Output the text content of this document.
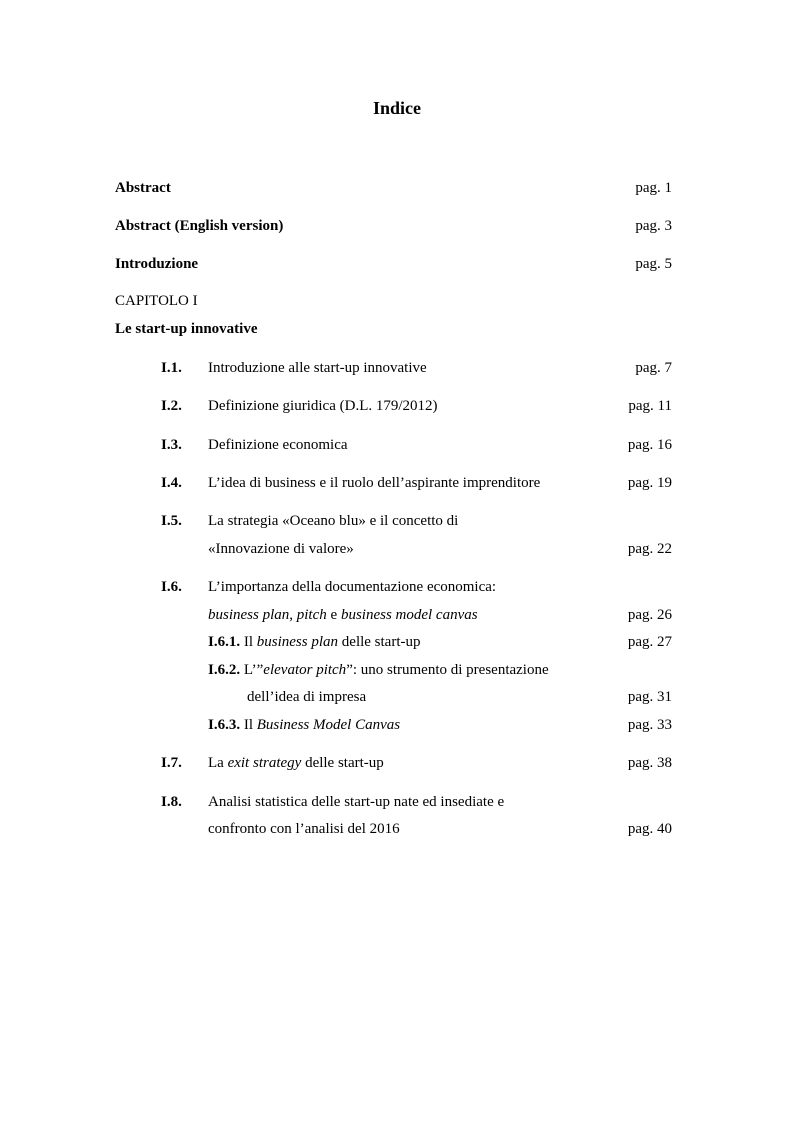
Indice
Abstract	pag. 1
Abstract (English version)	pag. 3
Introduzione	pag. 5
CAPITOLO I
Le start-up innovative
I.1. Introduzione alle start-up innovative	pag. 7
I.2. Definizione giuridica (D.L. 179/2012)	pag. 11
I.3. Definizione economica	pag. 16
I.4. L’idea di business e il ruolo dell’aspirante imprenditore	pag. 19
I.5. La strategia «Oceano blu» e il concetto di
«Innovazione di valore»	pag. 22
I.6. L’importanza della documentazione economica:
business plan, pitch e business model canvas	pag. 26
I.6.1. Il business plan delle start-up	pag. 27
I.6.2. L’”elevator pitch”: uno strumento di presentazione
dell’idea di impresa	pag. 31
I.6.3. Il Business Model Canvas	pag. 33
I.7. La exit strategy delle start-up	pag. 38
I.8. Analisi statistica delle start-up nate ed insediate e
confronto con l’analisi del 2016	pag. 40
